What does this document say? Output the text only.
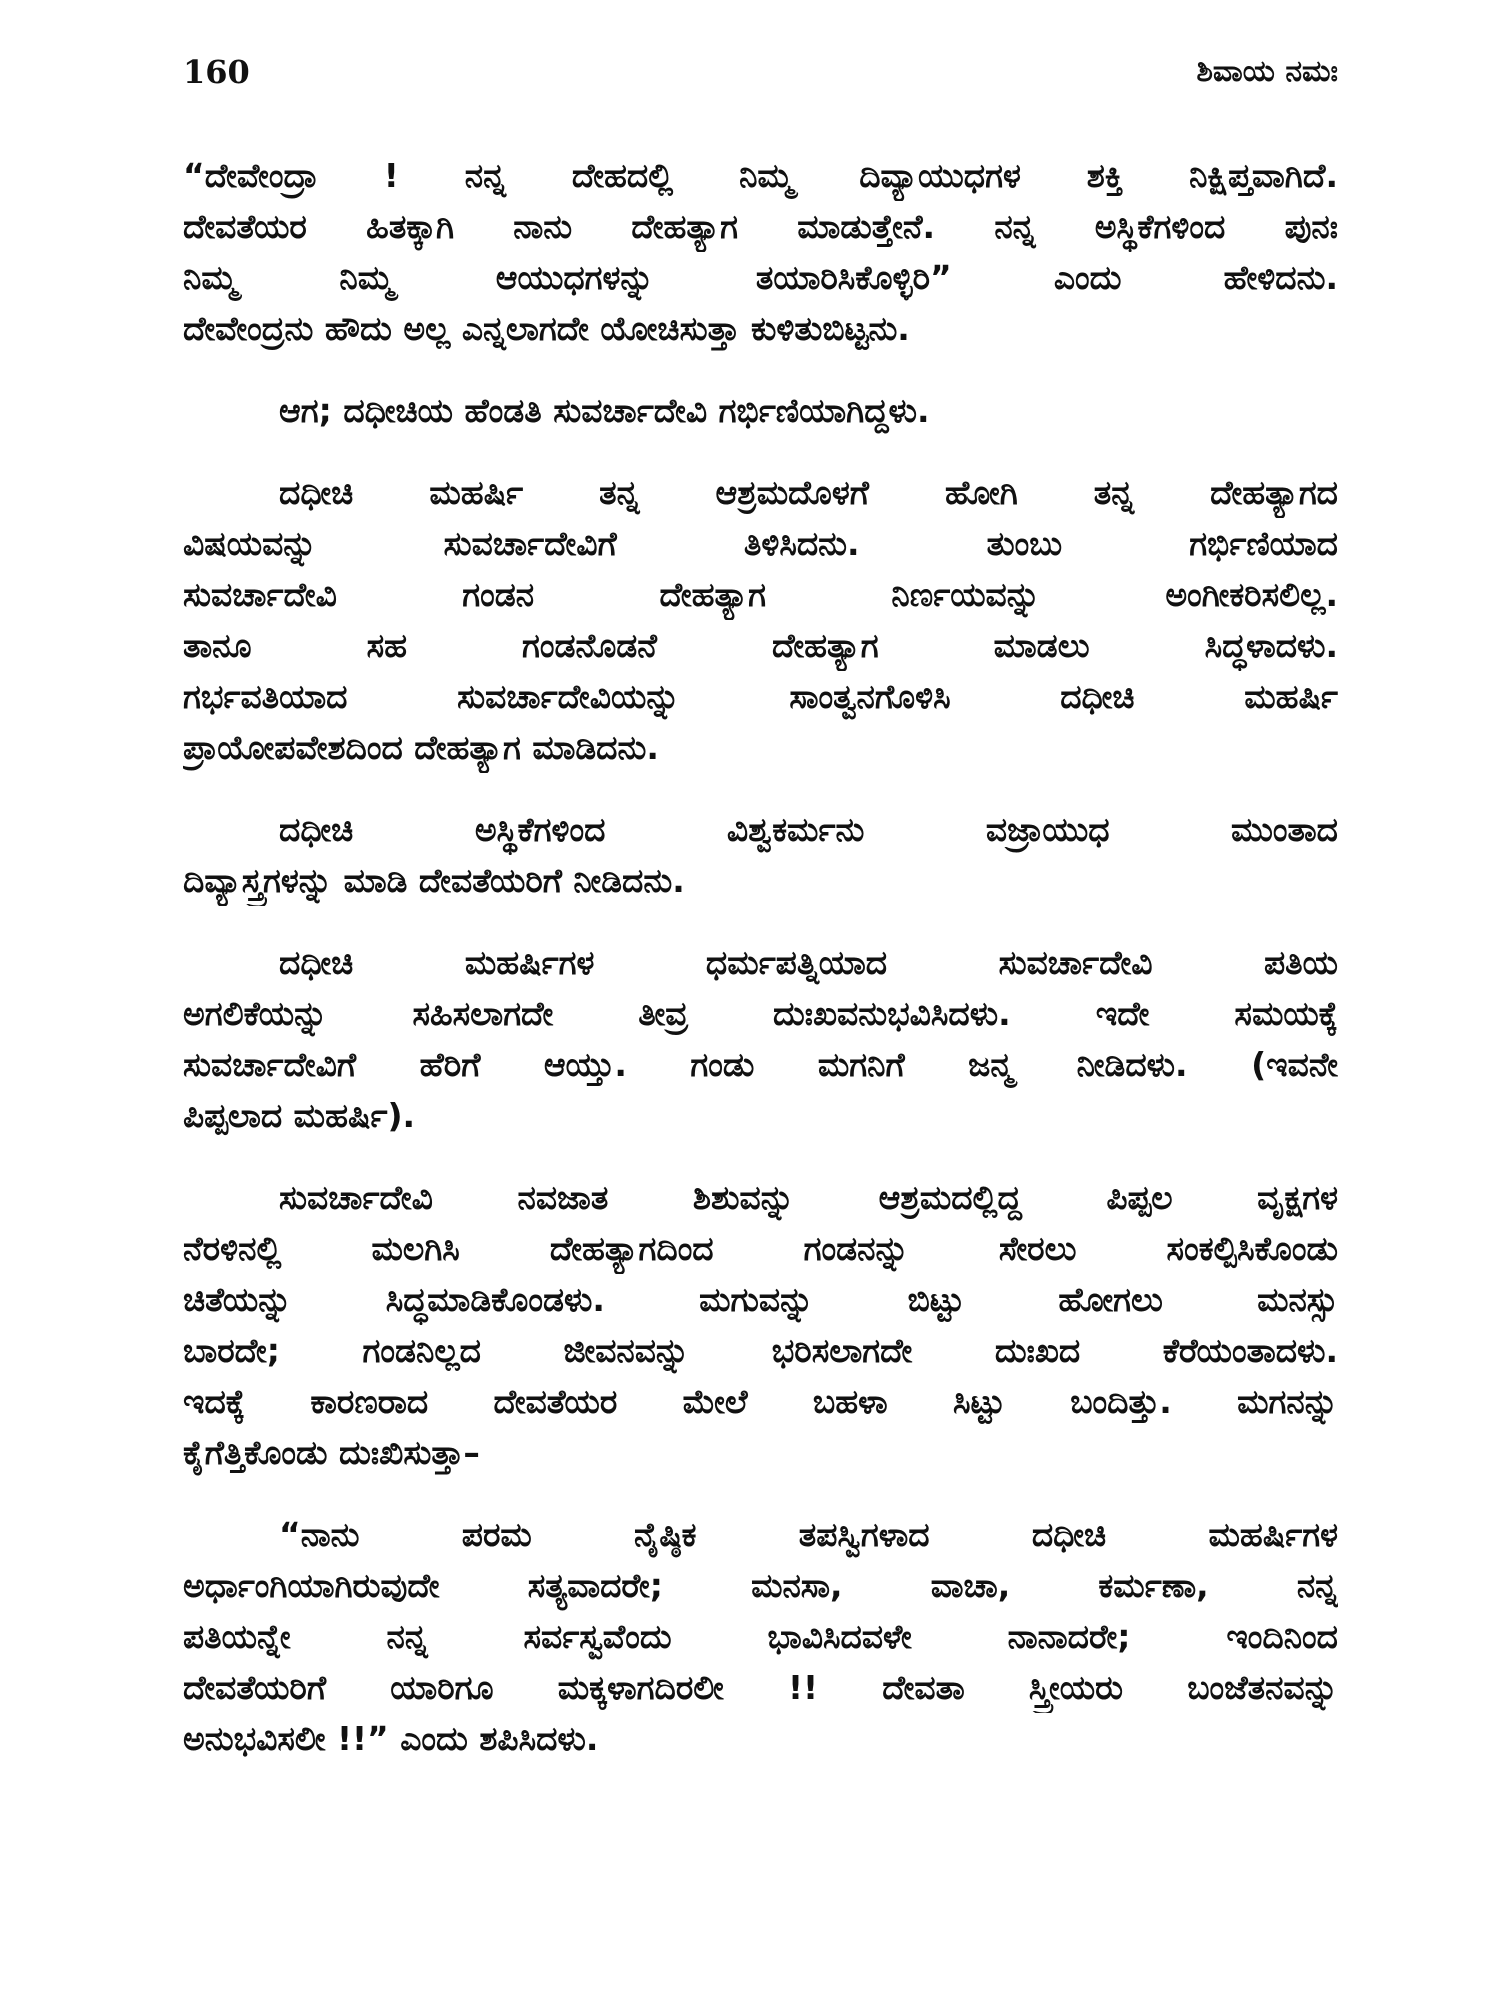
160	ಶಿವಾಯ ನಮಃ
“ದೇವೇಂದ್ರಾ ! ನನ್ನ ದೇಹದಲ್ಲಿ ನಿಮ್ಮ ದಿವ್ಯಾಯುಧಗಳ ಶಕ್ತಿ ನಿಕ್ಷಿಪ್ತವಾಗಿದೆ.
ದೇವತೆಯರ ಹಿತಕ್ಕಾಗಿ ನಾನು ದೇಹತ್ಯಾಗ ಮಾಡುತ್ತೇನೆ. ನನ್ನ ಅಸ್ಥಿಕೆಗಳಿಂದ ಪುನಃ
ನಿಮ್ಮ ನಿಮ್ಮ ಆಯುಧಗಳನ್ನು ತಯಾರಿಸಿಕೊಳ್ಳಿರಿ” ಎಂದು ಹೇಳಿದನು.
ದೇವೇಂದ್ರನು ಹೌದು ಅಲ್ಲ ಎನ್ನಲಾಗದೇ ಯೋಚಿಸುತ್ತಾ ಕುಳಿತುಬಿಟ್ಟನು.
ಆಗ; ದಧೀಚಿಯ ಹೆಂಡತಿ ಸುವರ್ಚಾದೇವಿ ಗರ್ಭಿಣಿಯಾಗಿದ್ದಳು.
ದಧೀಚಿ ಮಹರ್ಷಿ ತನ್ನ ಆಶ್ರಮದೊಳಗೆ ಹೋಗಿ ತನ್ನ ದೇಹತ್ಯಾಗದ
ವಿಷಯವನ್ನು ಸುವರ್ಚಾದೇವಿಗೆ ತಿಳಿಸಿದನು. ತುಂಬು ಗರ್ಭಿಣಿಯಾದ
ಸುವರ್ಚಾದೇವಿ ಗಂಡನ ದೇಹತ್ಯಾಗ ನಿರ್ಣಯವನ್ನು ಅಂಗೀಕರಿಸಲಿಲ್ಲ.
ತಾನೂ ಸಹ ಗಂಡನೊಡನೆ ದೇಹತ್ಯಾಗ ಮಾಡಲು ಸಿದ್ಧಳಾದಳು.
ಗರ್ಭವತಿಯಾದ ಸುವರ್ಚಾದೇವಿಯನ್ನು ಸಾಂತ್ವನಗೊಳಿಸಿ ದಧೀಚಿ ಮಹರ್ಷಿ
ಪ್ರಾಯೋಪವೇಶದಿಂದ ದೇಹತ್ಯಾಗ ಮಾಡಿದನು.
ದಧೀಚಿ ಅಸ್ಥಿಕೆಗಳಿಂದ ವಿಶ್ವಕರ್ಮನು ವಜ್ರಾಯುಧ ಮುಂತಾದ
ದಿವ್ಯಾಸ್ತ್ರಗಳನ್ನು ಮಾಡಿ ದೇವತೆಯರಿಗೆ ನೀಡಿದನು.
ದಧೀಚಿ ಮಹರ್ಷಿಗಳ ಧರ್ಮಪತ್ನಿಯಾದ ಸುವರ್ಚಾದೇವಿ ಪತಿಯ
ಅಗಲಿಕೆಯನ್ನು ಸಹಿಸಲಾಗದೇ ತೀವ್ರ ದುಃಖವನುಭವಿಸಿದಳು. ಇದೇ ಸಮಯಕ್ಕೆ
ಸುವರ್ಚಾದೇವಿಗೆ ಹೆರಿಗೆ ಆಯ್ತು. ಗಂಡು ಮಗನಿಗೆ ಜನ್ಮ ನೀಡಿದಳು. (ಇವನೇ
ಪಿಪ್ಪಲಾದ ಮಹರ್ಷಿ).
ಸುವರ್ಚಾದೇವಿ ನವಜಾತ ಶಿಶುವನ್ನು ಆಶ್ರಮದಲ್ಲಿದ್ದ ಪಿಪ್ಪಲ ವೃಕ್ಷಗಳ
ನೆರಳಿನಲ್ಲಿ ಮಲಗಿಸಿ ದೇಹತ್ಯಾಗದಿಂದ ಗಂಡನನ್ನು ಸೇರಲು ಸಂಕಲ್ಪಿಸಿಕೊಂಡು
ಚಿತೆಯನ್ನು ಸಿದ್ಧಮಾಡಿಕೊಂಡಳು. ಮಗುವನ್ನು ಬಿಟ್ಟು ಹೋಗಲು ಮನಸ್ಸು
ಬಾರದೇ; ಗಂಡನಿಲ್ಲದ ಜೀವನವನ್ನು ಭರಿಸಲಾಗದೇ ದುಃಖದ ಕೆರೆಯಂತಾದಳು.
ಇದಕ್ಕೆ ಕಾರಣರಾದ ದೇವತೆಯರ ಮೇಲೆ ಬಹಳಾ ಸಿಟ್ಟು ಬಂದಿತ್ತು. ಮಗನನ್ನು
ಕೈಗೆತ್ತಿಕೊಂಡು ದುಃಖಿಸುತ್ತಾ–
“ನಾನು ಪರಮ ನೈಷ್ಠಿಕ ತಪಸ್ವಿಗಳಾದ ದಧೀಚಿ ಮಹರ್ಷಿಗಳ
ಅರ್ಧಾಂಗಿಯಾಗಿರುವುದೇ ಸತ್ಯವಾದರೇ; ಮನಸಾ, ವಾಚಾ, ಕರ್ಮಣಾ, ನನ್ನ
ಪತಿಯನ್ನೇ ನನ್ನ ಸರ್ವಸ್ವವೆಂದು ಭಾವಿಸಿದವಳೇ ನಾನಾದರೇ; ಇಂದಿನಿಂದ
ದೇವತೆಯರಿಗೆ ಯಾರಿಗೂ ಮಕ್ಕಳಾಗದಿರಲೀ !! ದೇವತಾ ಸ್ತ್ರೀಯರು ಬಂಜೆತನವನ್ನು
ಅನುಭವಿಸಲೀ !!” ಎಂದು ಶಪಿಸಿದಳು.
